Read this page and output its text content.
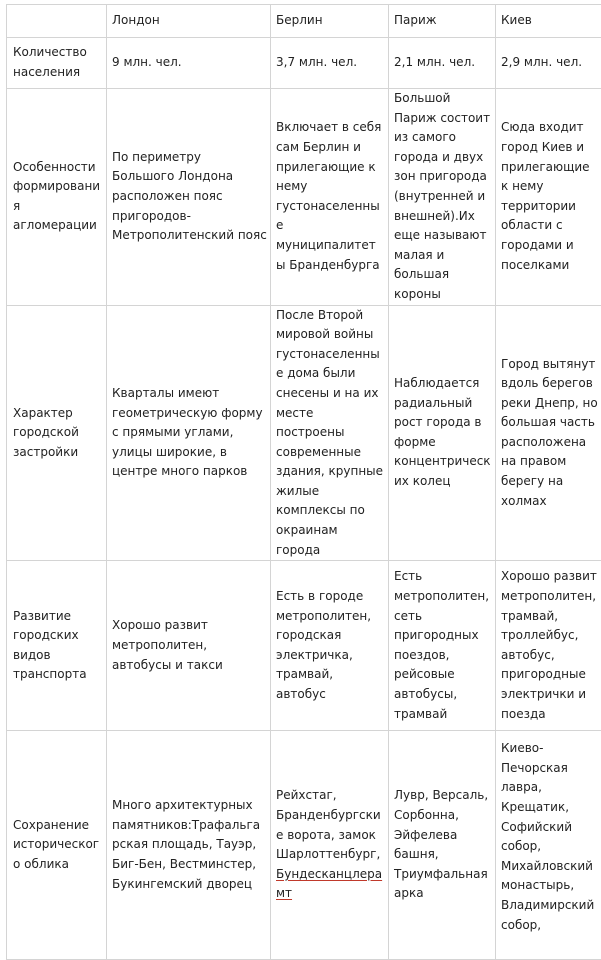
	Лондон	Берлин	Париж	Киев
Количество населения	9 млн. чел.	3,7 млн. чел.	2,1 млн. чел.	2,9 млн. чел.
Особенности формирования агломерации	По периметру Большого Лондона расположен пояс пригородов-Метрополитенский пояс	Включает в себя сам Берлин и прилегающие к нему густонаселенные муниципалитеты Бранденбурга	Большой Париж состоит из самого города и двух зон пригорода (внутренней и внешней).Их еще называют малая и большая короны	Сюда входит город Киев и прилегающие к нему территории области с городами и поселками
Характер городской застройки	Кварталы имеют геометрическую форму с прямыми углами, улицы широкие, в центре много парков	После Второй мировой войны густонаселенные дома были снесены и на их месте построены современные здания, крупные жилые комплексы по окраинам города	Наблюдается радиальный рост города в форме концентрических колец	Город вытянут вдоль берегов реки Днепр, но большая часть расположена на правом берегу на холмах
Развитие городских видов транспорта	Хорошо развит метрополитен, автобусы и такси	Есть в городе метрополитен, городская электричка, трамвай, автобус	Есть метрополитен, сеть пригородных поездов, рейсовые автобусы, трамвай	Хорошо развит метрополитен, трамвай, троллейбус, автобус, пригородные электрички и поезда
Сохранение исторического облика	Много архитектурных памятников:Трафальгарская площадь, Тауэр, Биг-Бен, Вестминстер, Букингемский дворец	Рейхстаг, Бранденбургские ворота, замок Шарлоттенбург, Бундесканцлерамт	Лувр, Версаль, Сорбонна, Эйфелева башня, Триумфальная арка	Киево-Печорская лавра, Крещатик, Софийский собор, Михайловский монастырь, Владимирский собор,
